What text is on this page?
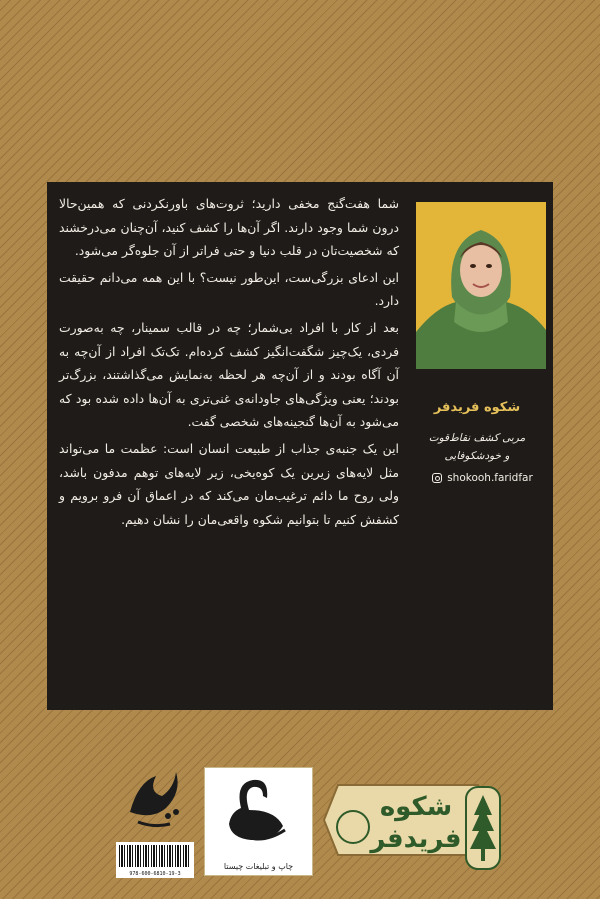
شما هفت‌گنج مخفی دارید؛ ثروت‌های باورنکردنی که همین‌حالا درون شما وجود دارند. اگر آن‌ها را کشف کنید، آن‌چنان می‌درخشند که شخصیت‌تان در قلب دنیا و حتی فراتر از آن جلوه‌گر می‌شود.

این ادعای بزرگی‌ست، این‌طور نیست؟ با این همه می‌دانم حقیقت دارد.

بعد از کار با افراد بی‌شمار؛ چه در قالب سمینار، چه به‌صورت فردی، یک‌چیز شگفت‌انگیز کشف کرده‌ام. تک‌تک افراد از آن‌چه به آن آگاه بودند و از آن‌چه هر لحظه به‌نمایش می‌گذاشتند، بزرگ‌تر بودند؛ یعنی ویژگی‌های جاودانه‌ی غنی‌تری به آن‌ها داده شده بود که می‌شود به آن‌ها گنجینه‌های شخصی گفت.

این یک جنبه‌ی جذاب از طبیعت انسان است: عظمت ما می‌تواند مثل لایه‌های زیرین یک کوه‌یخی، زیر لایه‌های توهم مدفون باشد، ولی روح ما دائم ترغیب‌مان می‌کند که در اعماق آن فرو برویم و کشفش کنیم تا بتوانیم شکوه واقعی‌مان را نشان دهیم.

شکوه فریدفر
مربی کشف نقاط‌قوت
و خودشکوفایی
shokooh.faridfar
شکوه
فریدفر
چاپ و تبلیغات چیستا
978-600-6810-19-3
